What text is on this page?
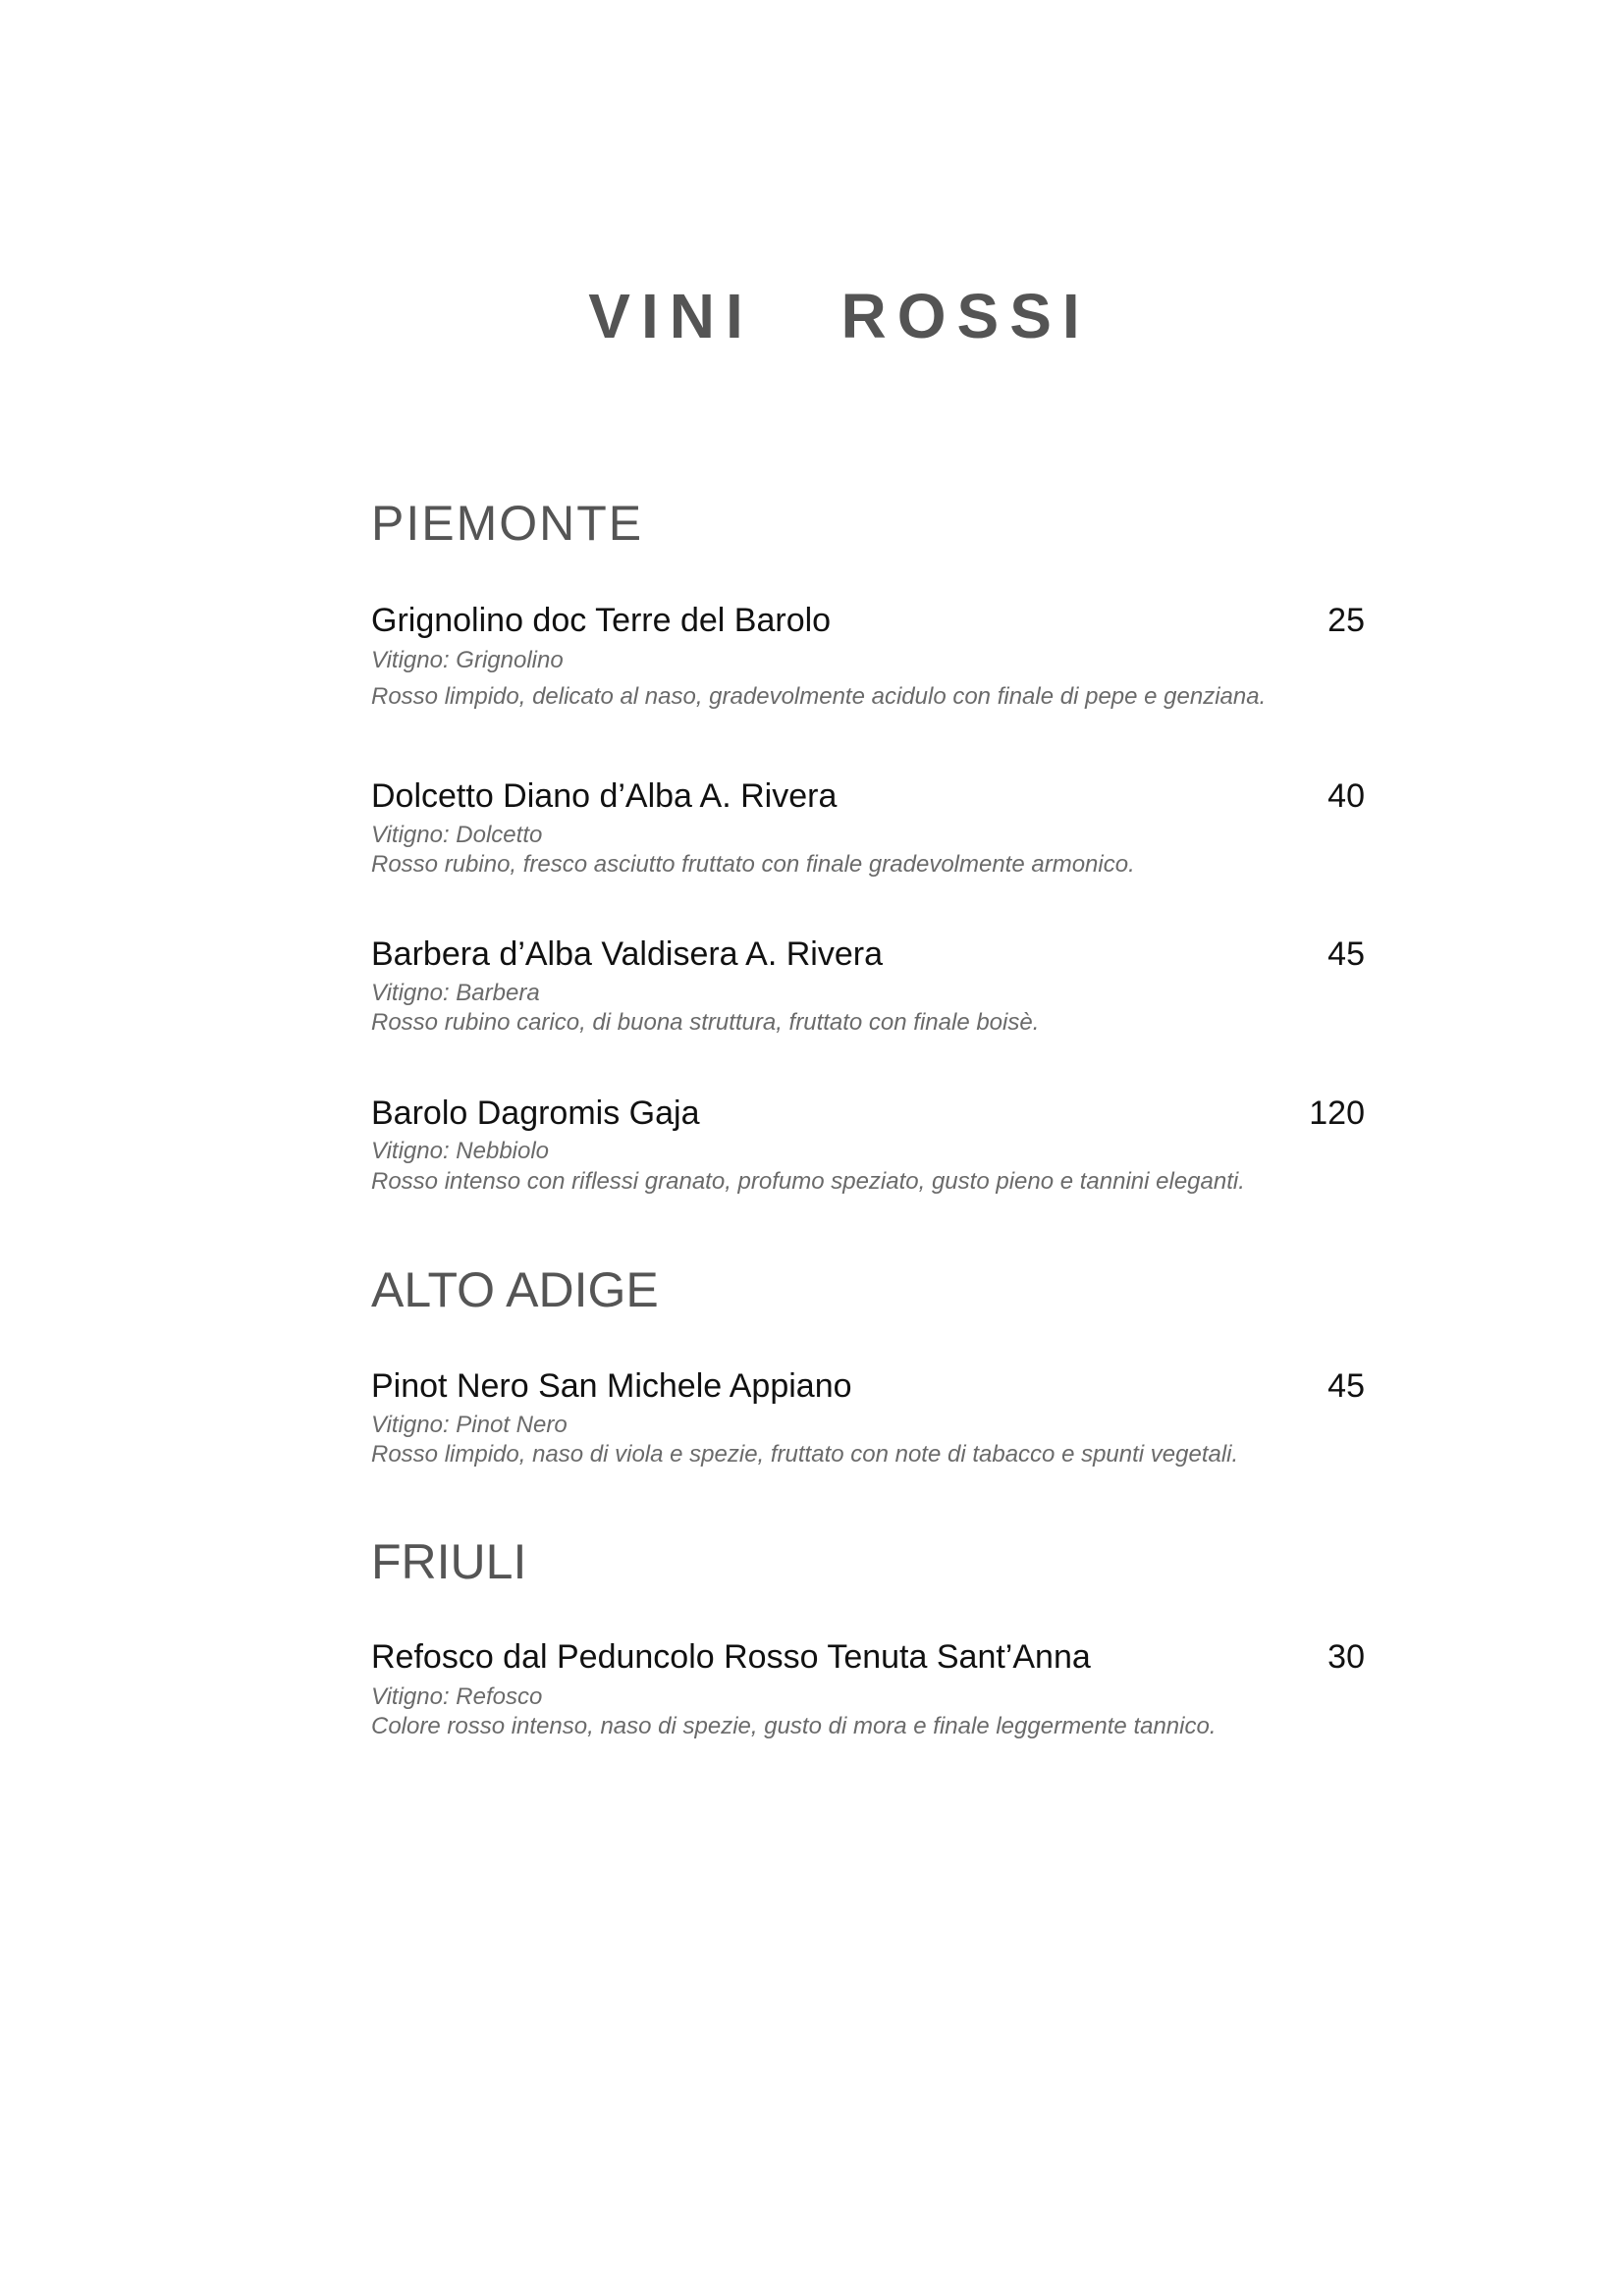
VINI ROSSI
PIEMONTE
Grignolino doc Terre del Barolo	25
Vitigno: Grignolino
Rosso limpido, delicato al naso, gradevolmente acidulo con finale di pepe e genziana.
Dolcetto Diano d’Alba A. Rivera	40
Vitigno: Dolcetto
Rosso rubino, fresco asciutto fruttato con finale gradevolmente armonico.
Barbera d’Alba Valdisera A. Rivera	45
Vitigno: Barbera
Rosso rubino carico, di buona struttura, fruttato con finale boisè.
Barolo Dagromis Gaja	120
Vitigno: Nebbiolo
Rosso intenso con riflessi granato, profumo speziato, gusto pieno e tannini eleganti.
ALTO ADIGE
Pinot Nero San Michele Appiano	45
Vitigno: Pinot Nero
Rosso limpido, naso di viola e spezie, fruttato con note di tabacco e spunti vegetali.
FRIULI
Refosco dal Peduncolo Rosso Tenuta Sant’Anna	30
Vitigno: Refosco
Colore rosso intenso, naso di spezie, gusto di mora e finale leggermente tannico.
